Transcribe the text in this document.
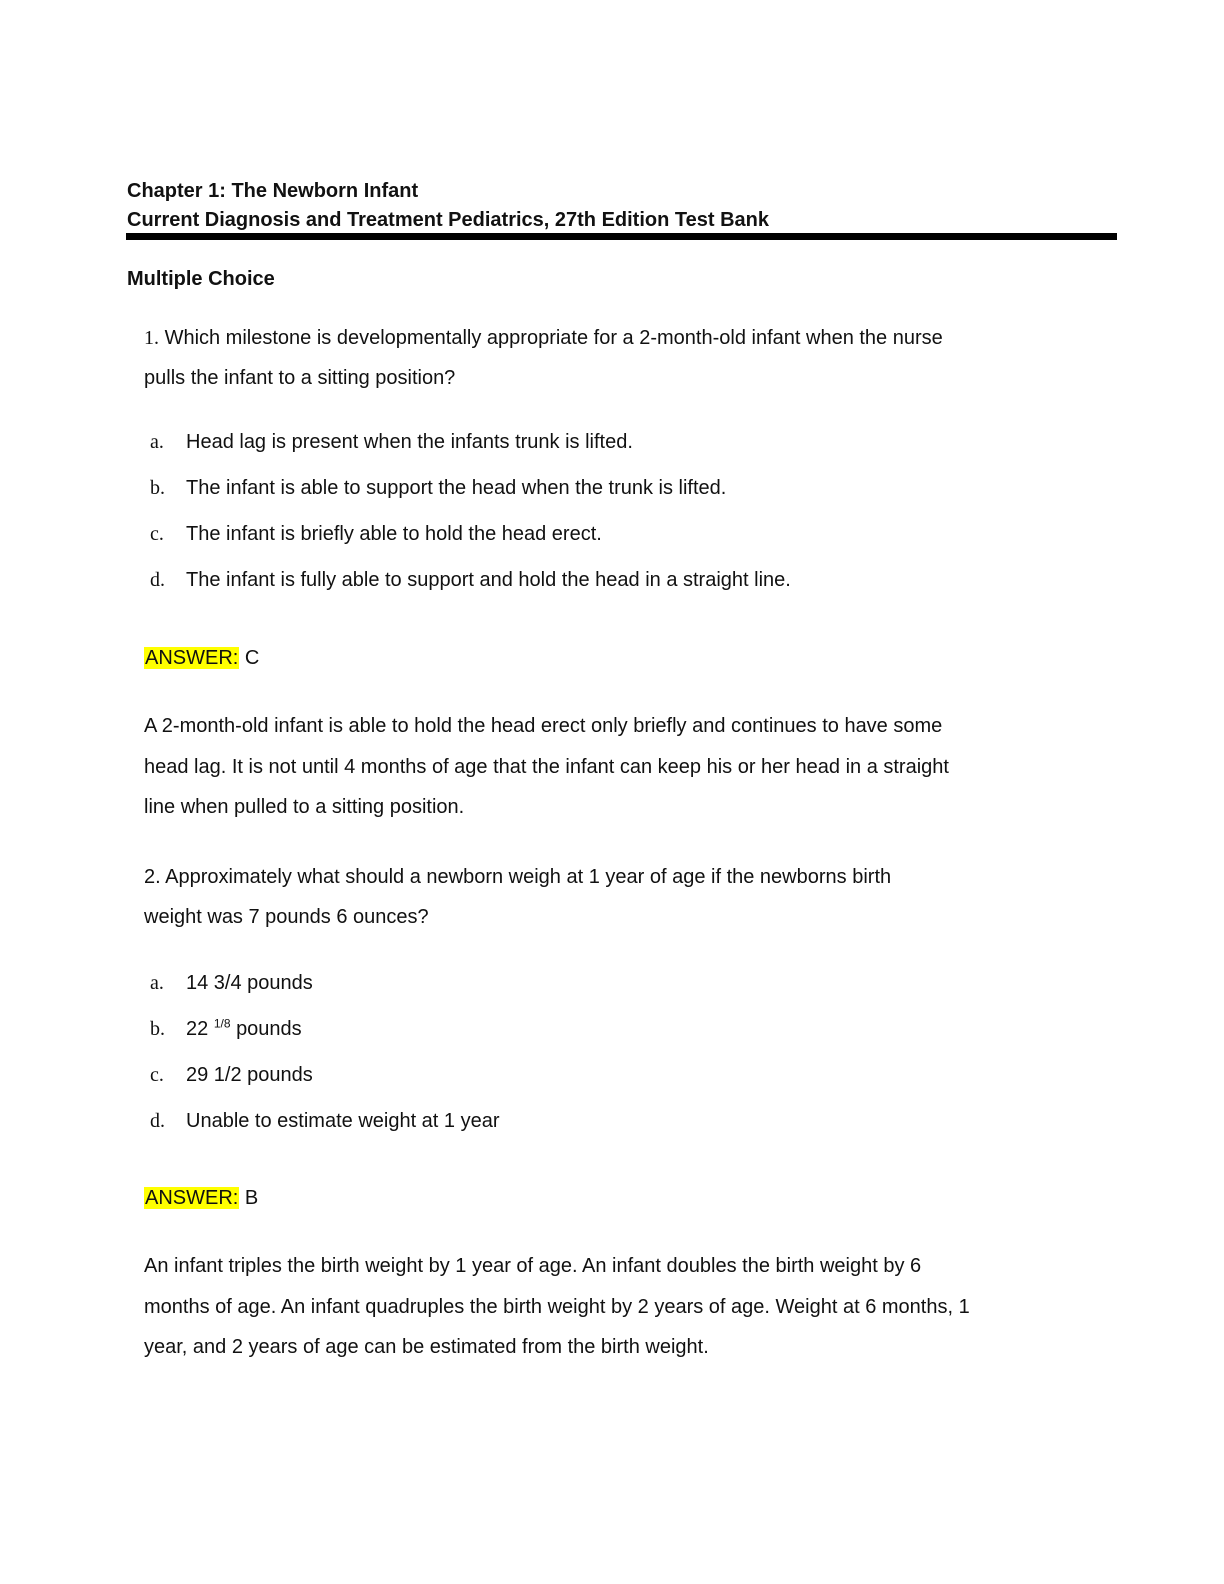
Chapter 1: The Newborn Infant
Current Diagnosis and Treatment Pediatrics, 27th Edition Test Bank
Multiple Choice
1. Which milestone is developmentally appropriate for a 2-month-old infant when the nurse
pulls the infant to a sitting position?
a. Head lag is present when the infants trunk is lifted.
b. The infant is able to support the head when the trunk is lifted.
c. The infant is briefly able to hold the head erect.
d. The infant is fully able to support and hold the head in a straight line.
ANSWER: C
A 2-month-old infant is able to hold the head erect only briefly and continues to have some
head lag. It is not until 4 months of age that the infant can keep his or her head in a straight
line when pulled to a sitting position.
2. Approximately what should a newborn weigh at 1 year of age if the newborns birth
weight was 7 pounds 6 ounces?
a. 14 3/4 pounds
b. 22 $^{1/8}$ pounds
c. 29 1/2 pounds
d. Unable to estimate weight at 1 year
ANSWER: B
An infant triples the birth weight by 1 year of age. An infant doubles the birth weight by 6
months of age. An infant quadruples the birth weight by 2 years of age. Weight at 6 months, 1
year, and 2 years of age can be estimated from the birth weight.
